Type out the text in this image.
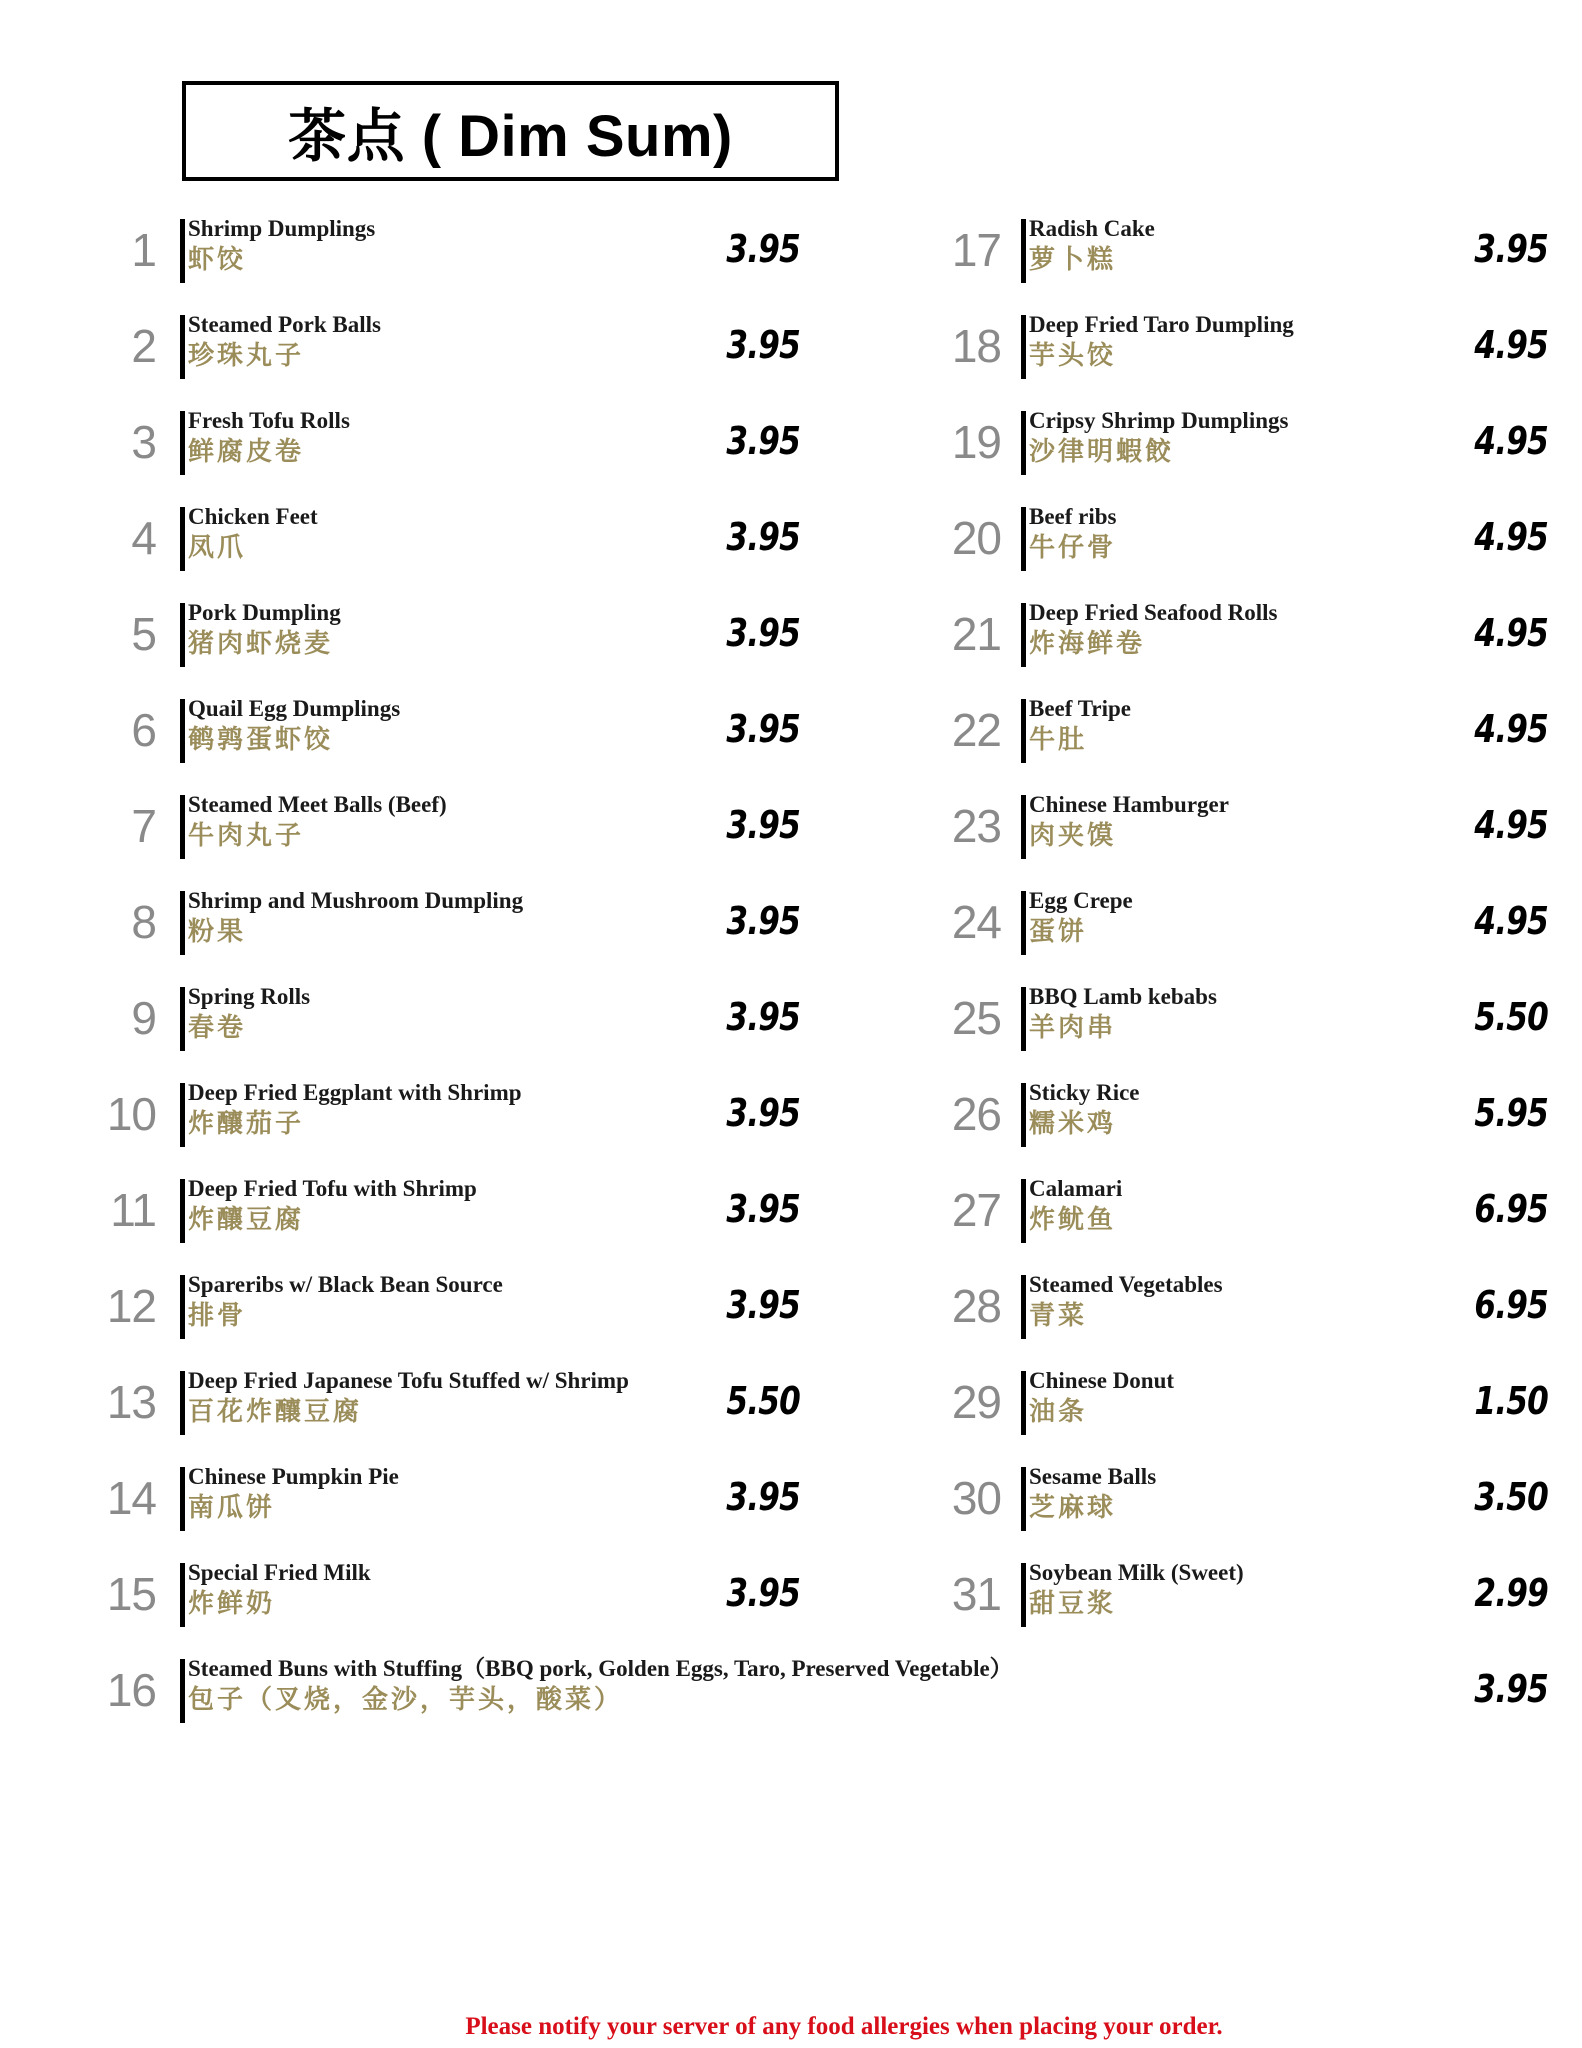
茶点 ( Dim Sum)
1 Shrimp Dumplings
虾饺	3.95
2 Steamed Pork Balls
珍珠丸子	3.95
3 Fresh Tofu Rolls
鲜腐皮卷	3.95
4 Chicken Feet
凤爪	3.95
5 Pork Dumpling
猪肉虾烧麦	3.95
6 Quail Egg Dumplings
鹌鹑蛋虾饺	3.95
7 Steamed Meet Balls (Beef)
牛肉丸子	3.95
8 Shrimp and Mushroom Dumpling
粉果	3.95
9 Spring Rolls
春卷	3.95
10 Deep Fried Eggplant with Shrimp
炸釀茄子	3.95
11 Deep Fried Tofu with Shrimp
炸釀豆腐	3.95
12 Spareribs w/ Black Bean Source
排骨	3.95
13 Deep Fried Japanese Tofu Stuffed w/ Shrimp
百花炸釀豆腐	5.50
14 Chinese Pumpkin Pie
南瓜饼	3.95
15 Special Fried Milk
炸鲜奶	3.95
16 Steamed Buns with Stuffing（BBQ pork, Golden Eggs, Taro, Preserved Vegetable）
包子（叉烧，金沙，芋头，酸菜）	3.95
17 Radish Cake
萝卜糕	3.95
18 Deep Fried Taro Dumpling
芋头饺	4.95
19 Cripsy Shrimp Dumplings
沙律明蝦餃	4.95
20 Beef ribs
牛仔骨	4.95
21 Deep Fried Seafood Rolls
炸海鲜卷	4.95
22 Beef Tripe
牛肚	4.95
23 Chinese Hamburger
肉夹馍	4.95
24 Egg Crepe
蛋饼	4.95
25 BBQ Lamb kebabs
羊肉串	5.50
26 Sticky Rice
糯米鸡	5.95
27 Calamari
炸鱿鱼	6.95
28 Steamed Vegetables
青菜	6.95
29 Chinese Donut
油条	1.50
30 Sesame Balls
芝麻球	3.50
31 Soybean Milk (Sweet)
甜豆浆	2.99
Please notify your server of any food allergies when placing your order.
